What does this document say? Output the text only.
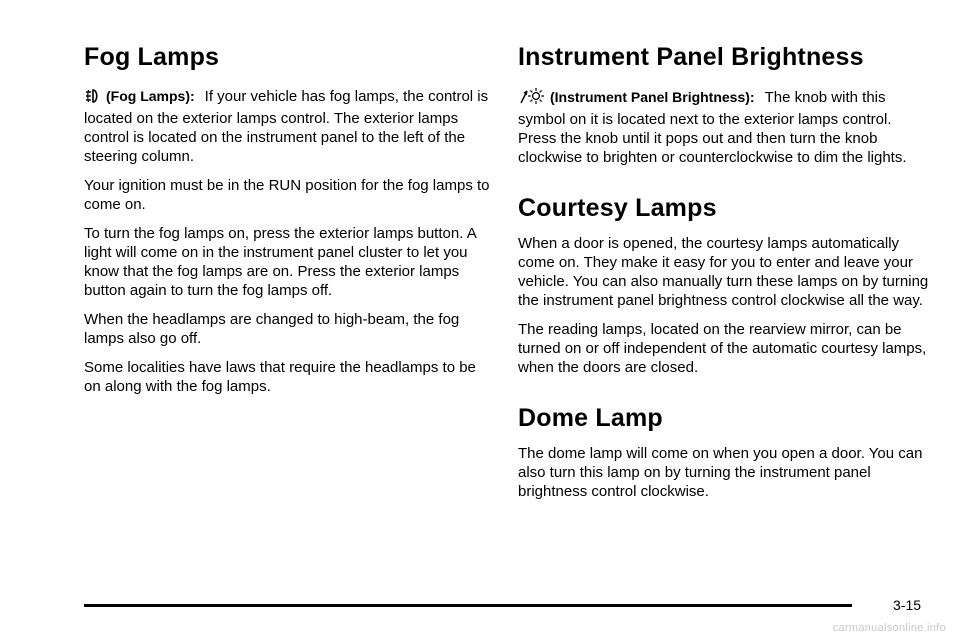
Fog Lamps

(Fog Lamps): If your vehicle has fog lamps, the control is located on the exterior lamps control. The exterior lamps control is located on the instrument panel to the left of the steering column.

Your ignition must be in the RUN position for the fog lamps to come on.

To turn the fog lamps on, press the exterior lamps button. A light will come on in the instrument panel cluster to let you know that the fog lamps are on. Press the exterior lamps button again to turn the fog lamps off.

When the headlamps are changed to high-beam, the fog lamps also go off.

Some localities have laws that require the headlamps to be on along with the fog lamps.

Instrument Panel Brightness

(Instrument Panel Brightness): The knob with this symbol on it is located next to the exterior lamps control. Press the knob until it pops out and then turn the knob clockwise to brighten or counterclockwise to dim the lights.

Courtesy Lamps

When a door is opened, the courtesy lamps automatically come on. They make it easy for you to enter and leave your vehicle. You can also manually turn these lamps on by turning the instrument panel brightness control clockwise all the way.

The reading lamps, located on the rearview mirror, can be turned on or off independent of the automatic courtesy lamps, when the doors are closed.

Dome Lamp

The dome lamp will come on when you open a door. You can also turn this lamp on by turning the instrument panel brightness control clockwise.

3-15
carmanualsonline.info
